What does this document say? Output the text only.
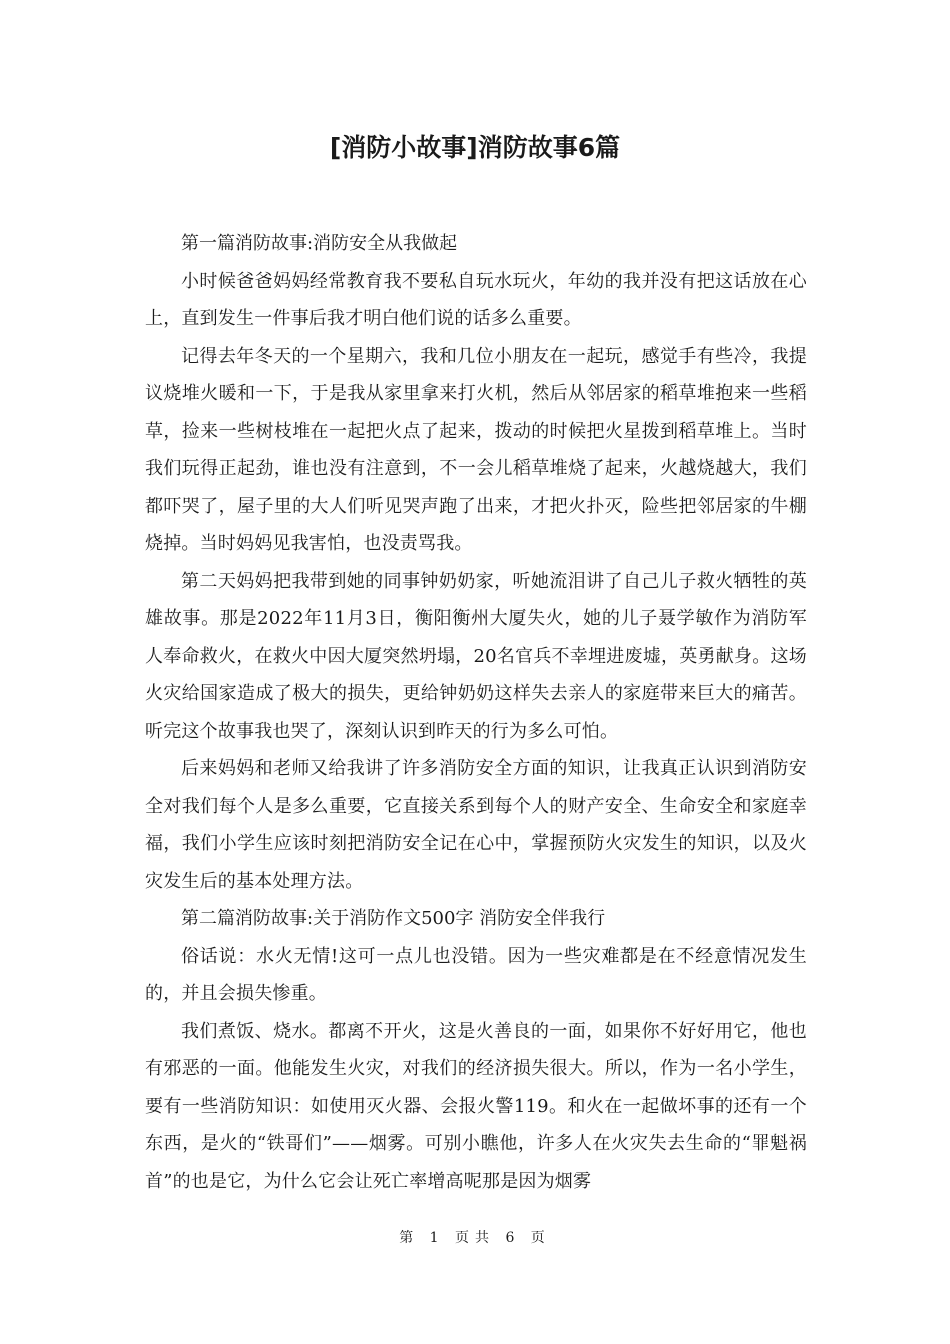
[消防小故事]消防故事6篇

第一篇消防故事:消防安全从我做起

小时候爸爸妈妈经常教育我不要私自玩水玩火，年幼的我并没有把这话放在心上，直到发生一件事后我才明白他们说的话多么重要。

记得去年冬天的一个星期六，我和几位小朋友在一起玩，感觉手有些冷，我提议烧堆火暖和一下，于是我从家里拿来打火机，然后从邻居家的稻草堆抱来一些稻草，捡来一些树枝堆在一起把火点了起来，拨动的时候把火星拨到稻草堆上。当时我们玩得正起劲，谁也没有注意到，不一会儿稻草堆烧了起来，火越烧越大，我们都吓哭了，屋子里的大人们听见哭声跑了出来，才把火扑灭，险些把邻居家的牛棚烧掉。当时妈妈见我害怕，也没责骂我。

第二天妈妈把我带到她的同事钟奶奶家，听她流泪讲了自己儿子救火牺牲的英雄故事。那是2022年11月3日，衡阳衡州大厦失火，她的儿子聂学敏作为消防军人奉命救火，在救火中因大厦突然坍塌，20名官兵不幸埋进废墟，英勇献身。这场火灾给国家造成了极大的损失，更给钟奶奶这样失去亲人的家庭带来巨大的痛苦。听完这个故事我也哭了，深刻认识到昨天的行为多么可怕。

后来妈妈和老师又给我讲了许多消防安全方面的知识，让我真正认识到消防安全对我们每个人是多么重要，它直接关系到每个人的财产安全、生命安全和家庭幸福，我们小学生应该时刻把消防安全记在心中，掌握预防火灾发生的知识，以及火灾发生后的基本处理方法。

第二篇消防故事:关于消防作文500字 消防安全伴我行

俗话说：水火无情!这可一点儿也没错。因为一些灾难都是在不经意情况发生的，并且会损失惨重。

我们煮饭、烧水。都离不开火，这是火善良的一面，如果你不好好用它，他也有邪恶的一面。他能发生火灾，对我们的经济损失很大。所以，作为一名小学生，要有一些消防知识：如使用灭火器、会报火警119。和火在一起做坏事的还有一个东西，是火的“铁哥们”——烟雾。可别小瞧他，许多人在火灾失去生命的“罪魁祸首”的也是它，为什么它会让死亡率增高呢那是因为烟雾

第 1 页共 6 页
